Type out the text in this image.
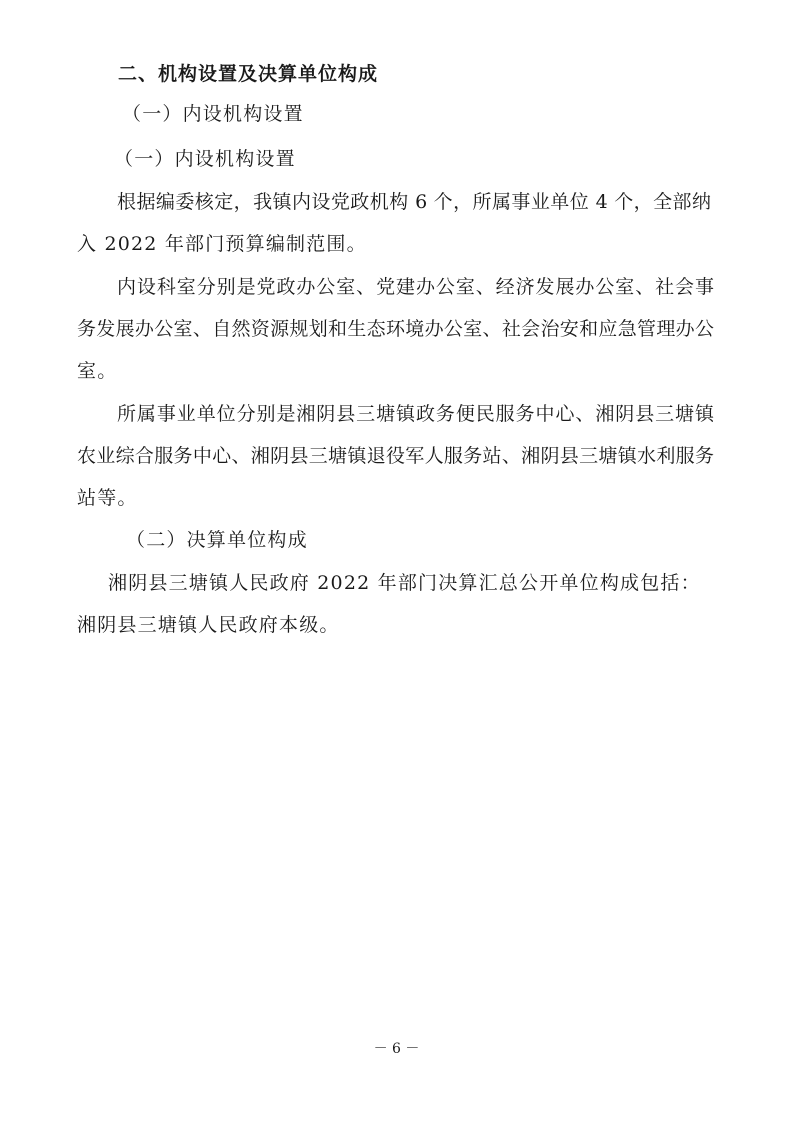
二、机构设置及决算单位构成
（一）内设机构设置
（一）内设机构设置
根据编委核定，我镇内设党政机构 6 个，所属事业单位 4 个，全部纳
入 2022 年部门预算编制范围。
内设科室分别是党政办公室、党建办公室、经济发展办公室、社会事
务发展办公室、自然资源规划和生态环境办公室、社会治安和应急管理办公
室。
所属事业单位分别是湘阴县三塘镇政务便民服务中心、湘阴县三塘镇
农业综合服务中心、湘阴县三塘镇退役军人服务站、湘阴县三塘镇水利服务
站等。
（二）决算单位构成
湘阴县三塘镇人民政府 2022 年部门决算汇总公开单位构成包括：
湘阴县三塘镇人民政府本级。
－ 6 －
